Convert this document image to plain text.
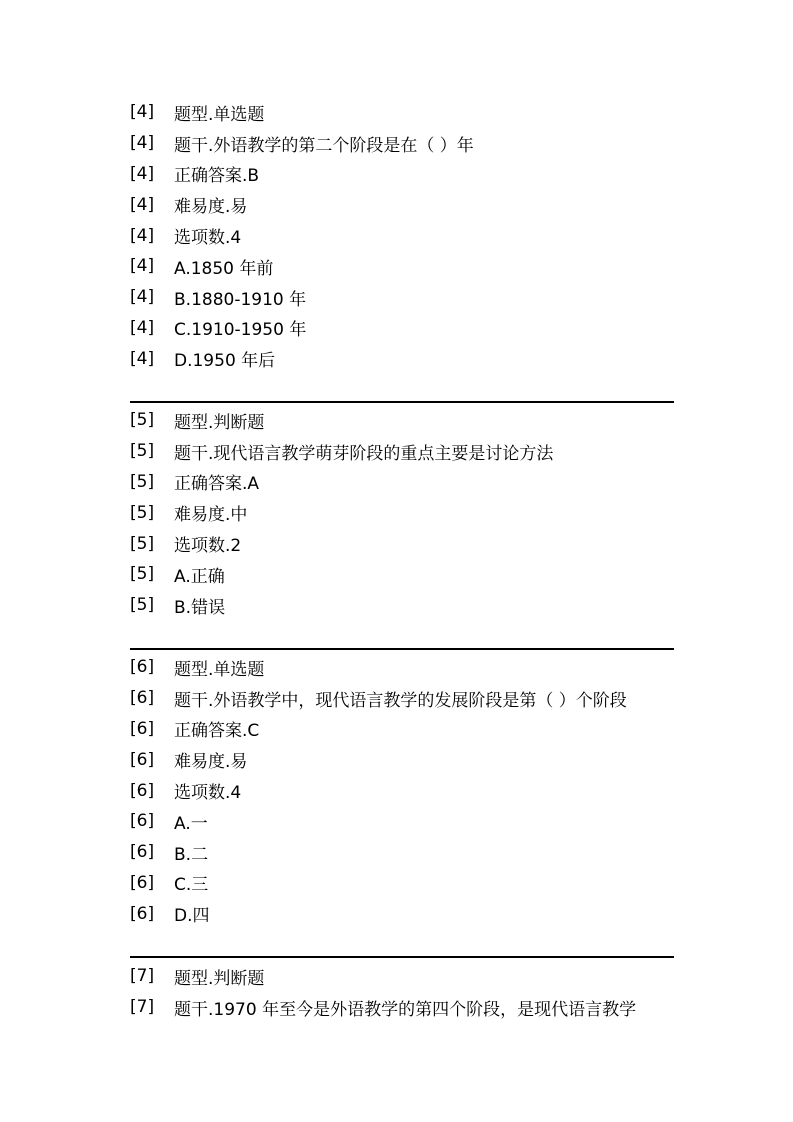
[4]	题型.单选题
[4]	题干.外语教学的第二个阶段是在（ ）年
[4]	正确答案.B
[4]	难易度.易
[4]	选项数.4
[4]	A.1850 年前
[4]	B.1880-1910 年
[4]	C.1910-1950 年
[4]	D.1950 年后
[5]	题型.判断题
[5]	题干.现代语言教学萌芽阶段的重点主要是讨论方法
[5]	正确答案.A
[5]	难易度.中
[5]	选项数.2
[5]	A.正确
[5]	B.错误
[6]	题型.单选题
[6]	题干.外语教学中，现代语言教学的发展阶段是第（ ）个阶段
[6]	正确答案.C
[6]	难易度.易
[6]	选项数.4
[6]	A.一
[6]	B.二
[6]	C.三
[6]	D.四
[7]	题型.判断题
[7]	题干.1970 年至今是外语教学的第四个阶段，是现代语言教学
